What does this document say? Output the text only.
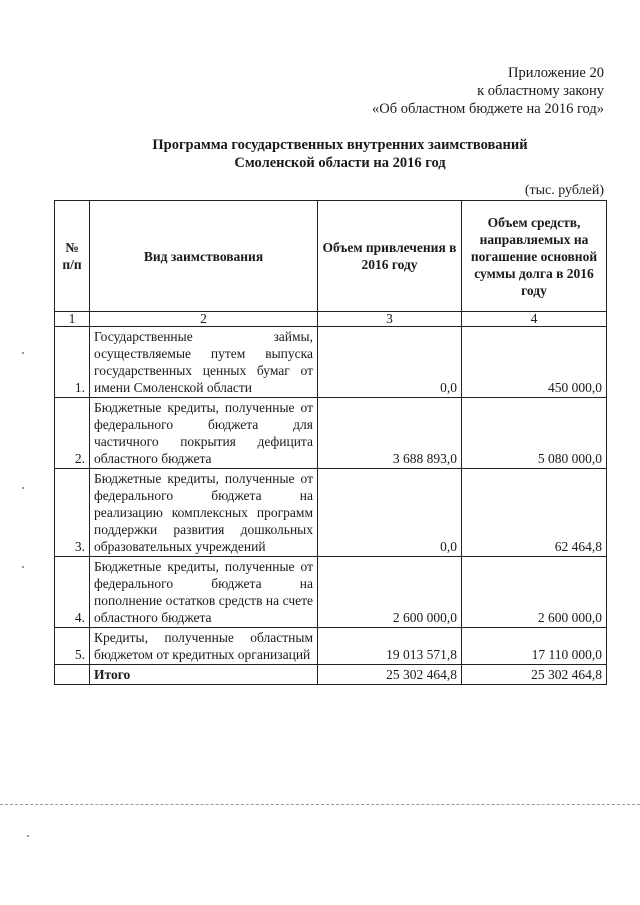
Приложение 20
к областному закону
«Об областном бюджете на 2016 год»
Программа государственных внутренних заимствований
Смоленской области на 2016 год
(тыс. рублей)
№ п/п	Вид заимствования	Объем привлечения в 2016 году	Объем средств, направляемых на погашение основной суммы долга в 2016 году
1	2	3	4
1.	Государственные займы, осуществляемые путем выпуска государственных ценных бумаг от имени Смоленской области	0,0	450 000,0
2.	Бюджетные кредиты, полученные от федерального бюджета для частичного покрытия дефицита областного бюджета	3 688 893,0	5 080 000,0
3.	Бюджетные кредиты, полученные от федерального бюджета на реализацию комплексных программ поддержки развития дошкольных образовательных учреждений	0,0	62 464,8
4.	Бюджетные кредиты, полученные от федерального бюджета на пополнение остатков средств на счете областного бюджета	2 600 000,0	2 600 000,0
5.	Кредиты, полученные областным бюджетом от кредитных организаций	19 013 571,8	17 110 000,0
	Итого	25 302 464,8	25 302 464,8
